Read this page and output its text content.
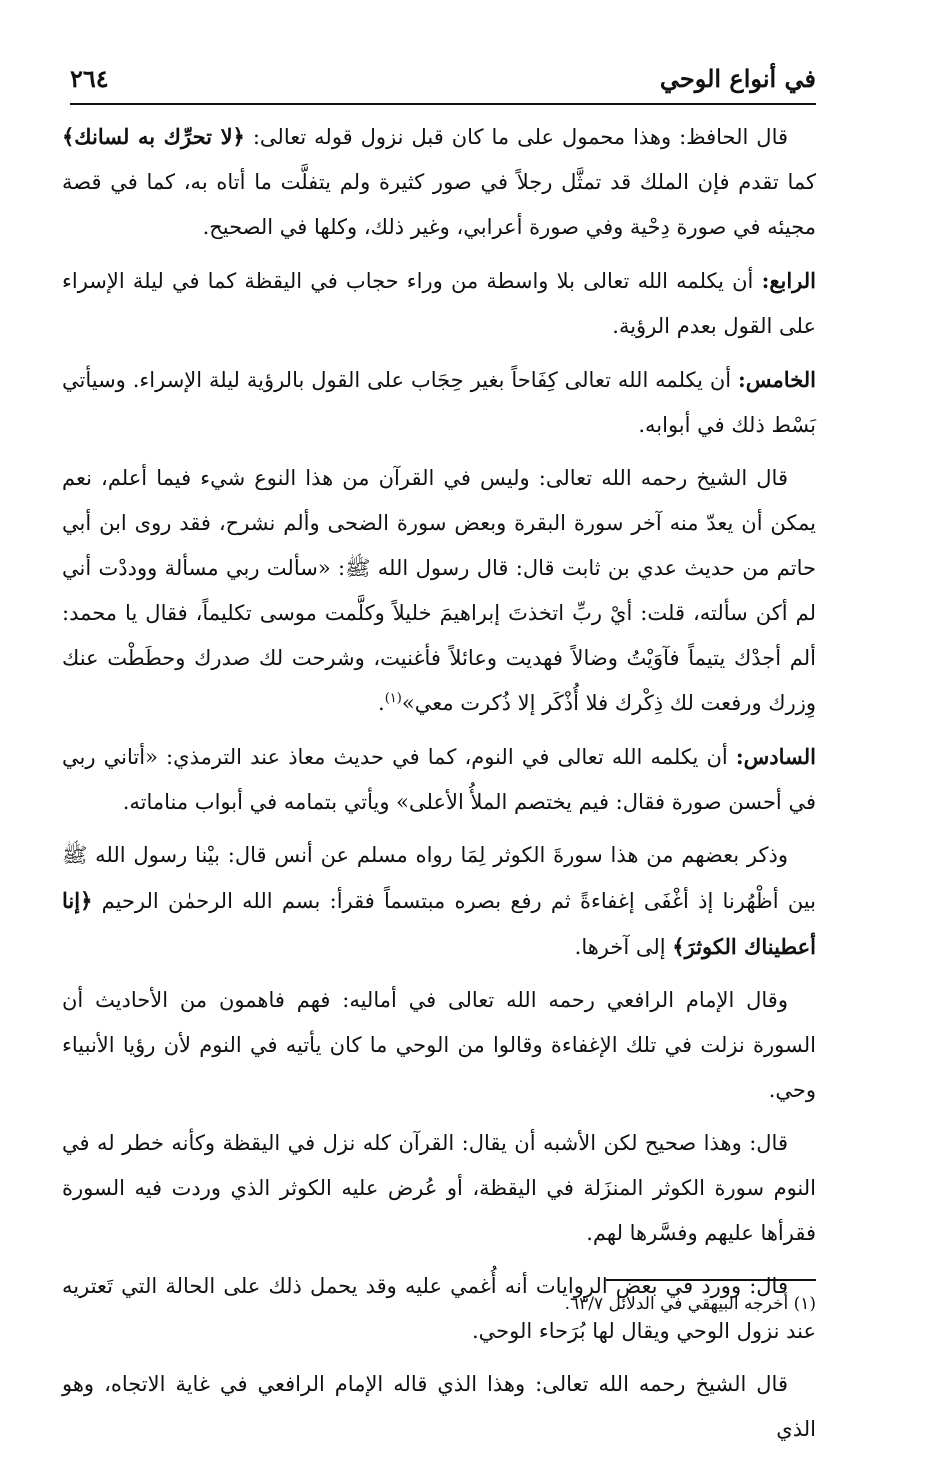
في أنواع الوحي
٢٦٤

قال الحافظ: وهذا محمول على ما كان قبل نزول قوله تعالى: ﴿لا تحرِّك به لسانك﴾ كما تقدم فإن الملك قد تمثَّل رجلاً في صور كثيرة ولم يتفلَّت ما أتاه به، كما في قصة مجيئه في صورة دِحْية وفي صورة أعرابي، وغير ذلك، وكلها في الصحيح.

الرابع: أن يكلمه الله تعالى بلا واسطة من وراء حجاب في اليقظة كما في ليلة الإسراء على القول بعدم الرؤية.

الخامس: أن يكلمه الله تعالى كِفَاحاً بغير حِجَاب على القول بالرؤية ليلة الإسراء. وسيأتي بَسْط ذلك في أبوابه.

قال الشيخ رحمه الله تعالى: وليس في القرآن من هذا النوع شيء فيما أعلم، نعم يمكن أن يعدّ منه آخر سورة البقرة وبعض سورة الضحى وألم نشرح، فقد روى ابن أبي حاتم من حديث عدي بن ثابت قال: قال رسول الله ﷺ: «سألت ربي مسألة ووددْت أني لم أكن سألته، قلت: أيْ ربِّ اتخذتَ إبراهيمَ خليلاً وكلَّمت موسى تكليماً، فقال يا محمد: ألم أجدْك يتيماً فآوَيْتُ وضالاً فهديت وعائلاً فأغنيت، وشرحت لك صدرك وحطَطْت عنك وِزرك ورفعت لك ذِكْرك فلا أُذْكَر إلا ذُكرت معي»$^{(١)}$.

السادس: أن يكلمه الله تعالى في النوم، كما في حديث معاذ عند الترمذي: «أتاني ربي في أحسن صورة فقال: فيم يختصم الملأُ الأعلى» ويأتي بتمامه في أبواب مناماته.

وذكر بعضهم من هذا سورةَ الكوثر لِمَا رواه مسلم عن أنس قال: بيْنا رسول الله ﷺ بين أظْهُرنا إذ أغْفَى إغفاءةً ثم رفع بصره مبتسماً فقرأ: بسم الله الرحمٰن الرحيم ﴿إنا أعطيناك الكوثرَ﴾ إلى آخرها.

وقال الإمام الرافعي رحمه الله تعالى في أماليه: فهم فاهمون من الأحاديث أن السورة نزلت في تلك الإغفاءة وقالوا من الوحي ما كان يأتيه في النوم لأن رؤيا الأنبياء وحي.

قال: وهذا صحيح لكن الأشبه أن يقال: القرآن كله نزل في اليقظة وكأنه خطر له في النوم سورة الكوثر المنزَلة في اليقظة، أو عُرض عليه الكوثر الذي وردت فيه السورة فقرأها عليهم وفسَّرها لهم.

قال: وورد في بعض الروايات أنه أُغمي عليه وقد يحمل ذلك على الحالة التي تَعتريه عند نزول الوحي ويقال لها بُرَحاء الوحي.

قال الشيخ رحمه الله تعالى: وهذا الذي قاله الإمام الرافعي في غاية الاتجاه، وهو الذي

(١) أخرجه البيهقي في الدلائل ٦٣/٧.
